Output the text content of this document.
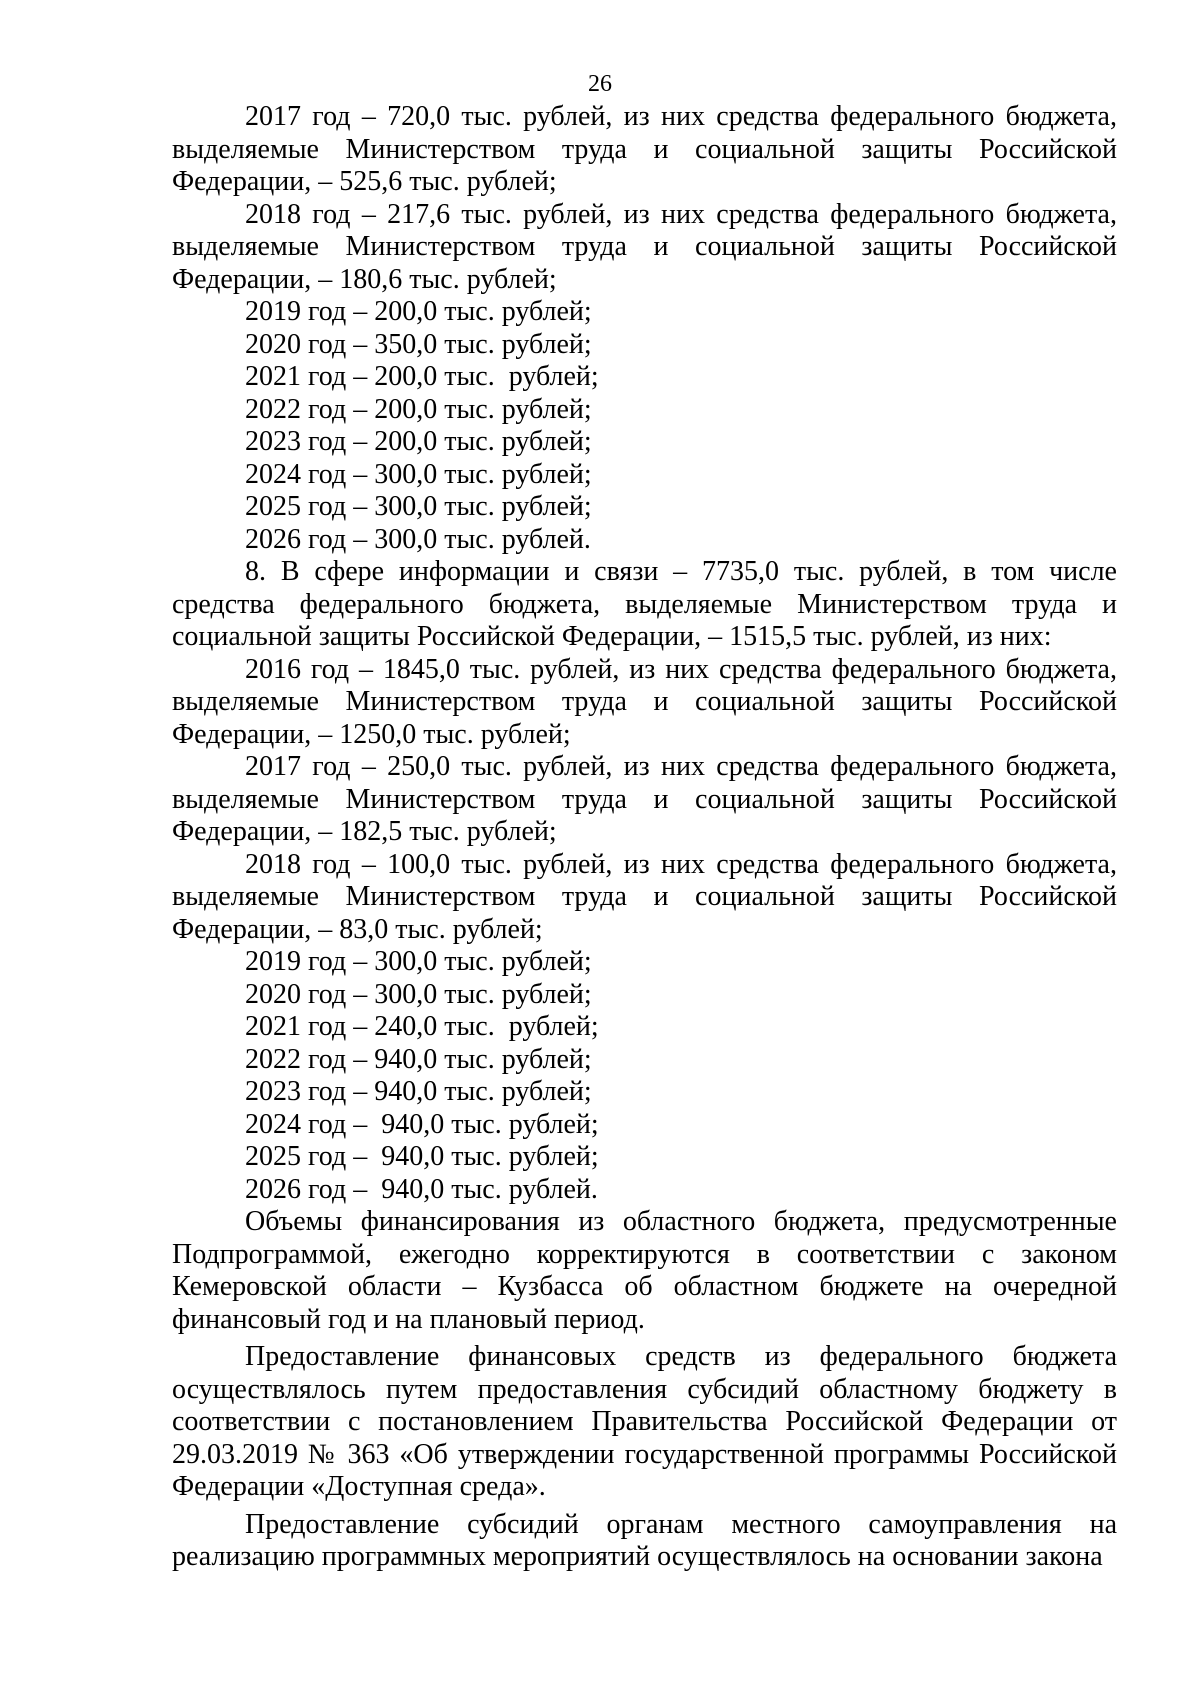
26

2017 год – 720,0 тыс. рублей, из них средства федерального бюджета, выделяемые Министерством труда и социальной защиты Российской Федерации, – 525,6 тыс. рублей;

2018 год – 217,6 тыс. рублей, из них средства федерального бюджета, выделяемые Министерством труда и социальной защиты Российской Федерации, – 180,6 тыс. рублей;

2019 год – 200,0 тыс. рублей;
2020 год – 350,0 тыс. рублей;
2021 год – 200,0 тыс.  рублей;
2022 год – 200,0 тыс. рублей;
2023 год – 200,0 тыс. рублей;
2024 год – 300,0 тыс. рублей;
2025 год – 300,0 тыс. рублей;
2026 год – 300,0 тыс. рублей.

8. В сфере информации и связи – 7735,0 тыс. рублей, в том числе средства федерального бюджета, выделяемые Министерством труда и социальной защиты Российской Федерации, – 1515,5 тыс. рублей, из них:

2016 год – 1845,0 тыс. рублей, из них средства федерального бюджета, выделяемые Министерством труда и социальной защиты Российской Федерации, – 1250,0 тыс. рублей;

2017 год – 250,0 тыс. рублей, из них средства федерального бюджета, выделяемые Министерством труда и социальной защиты Российской Федерации, – 182,5 тыс. рублей;

2018 год – 100,0 тыс. рублей, из них средства федерального бюджета, выделяемые Министерством труда и социальной защиты Российской Федерации, – 83,0 тыс. рублей;

2019 год – 300,0 тыс. рублей;
2020 год – 300,0 тыс. рублей;
2021 год – 240,0 тыс.  рублей;
2022 год – 940,0 тыс. рублей;
2023 год – 940,0 тыс. рублей;
2024 год –  940,0 тыс. рублей;
2025 год –  940,0 тыс. рублей;
2026 год –  940,0 тыс. рублей.

Объемы финансирования из областного бюджета, предусмотренные Подпрограммой, ежегодно корректируются в соответствии с законом Кемеровской области – Кузбасса об областном бюджете на очередной финансовый год и на плановый период.

Предоставление финансовых средств из федерального бюджета осуществлялось путем предоставления субсидий областному бюджету в соответствии с постановлением Правительства Российской Федерации от 29.03.2019 № 363 «Об утверждении государственной программы Российской Федерации «Доступная среда».

Предоставление субсидий органам местного самоуправления на реализацию программных мероприятий осуществлялось на основании закона
